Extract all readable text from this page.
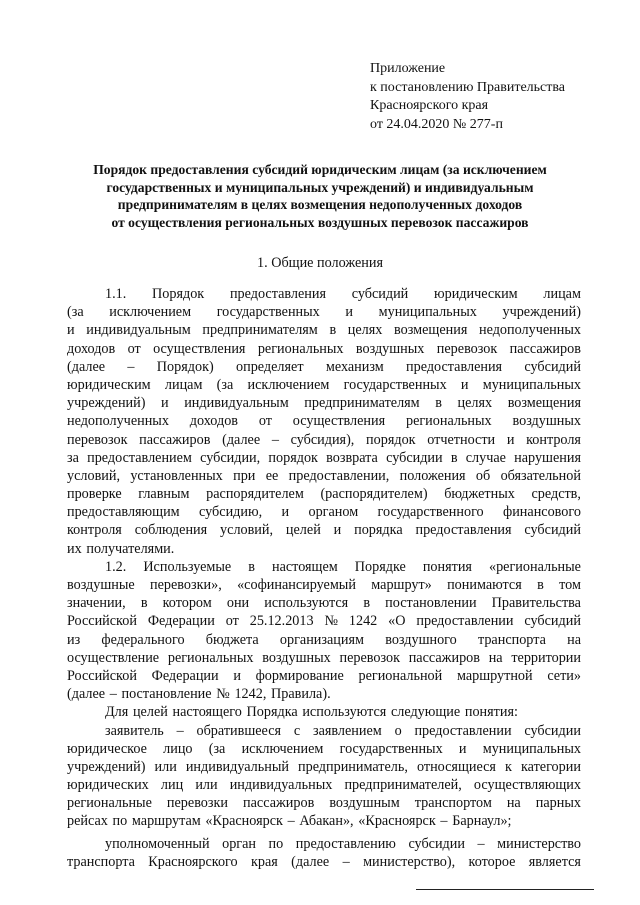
Приложение
к постановлению Правительства
Красноярского края
от 24.04.2020 № 277-п
Порядок предоставления субсидий юридическим лицам (за исключением
государственных и муниципальных учреждений) и индивидуальным
предпринимателям в целях возмещения недополученных доходов
от осуществления региональных воздушных перевозок пассажиров
1. Общие положения
1.1. Порядок предоставления субсидий юридическим лицам
(за исключением государственных и муниципальных учреждений)
и индивидуальным предпринимателям в целях возмещения недополученных
доходов от осуществления региональных воздушных перевозок пассажиров
(далее – Порядок) определяет механизм предоставления субсидий
юридическим лицам (за исключением государственных и муниципальных
учреждений) и индивидуальным предпринимателям в целях возмещения
недополученных доходов от осуществления региональных воздушных
перевозок пассажиров (далее – субсидия), порядок отчетности и контроля
за предоставлением субсидии, порядок возврата субсидии в случае нарушения
условий, установленных при ее предоставлении, положения об обязательной
проверке главным распорядителем (распорядителем) бюджетных средств,
предоставляющим субсидию, и органом государственного финансового
контроля соблюдения условий, целей и порядка предоставления субсидий
их получателями.
1.2. Используемые в настоящем Порядке понятия «региональные
воздушные перевозки», «софинансируемый маршрут» понимаются в том
значении, в котором они используются в постановлении Правительства
Российской Федерации от 25.12.2013 № 1242 «О предоставлении субсидий
из федерального бюджета организациям воздушного транспорта на
осуществление региональных воздушных перевозок пассажиров на территории
Российской Федерации и формирование региональной маршрутной сети»
(далее – постановление № 1242, Правила).
Для целей настоящего Порядка используются следующие понятия:
заявитель – обратившееся с заявлением о предоставлении субсидии
юридическое лицо (за исключением государственных и муниципальных
учреждений) или индивидуальный предприниматель, относящиеся к категории
юридических лиц или индивидуальных предпринимателей, осуществляющих
региональные перевозки пассажиров воздушным транспортом на парных
рейсах по маршрутам «Красноярск – Абакан», «Красноярск – Барнаул»;
уполномоченный орган по предоставлению субсидии – министерство
транспорта Красноярского края (далее – министерство), которое является
